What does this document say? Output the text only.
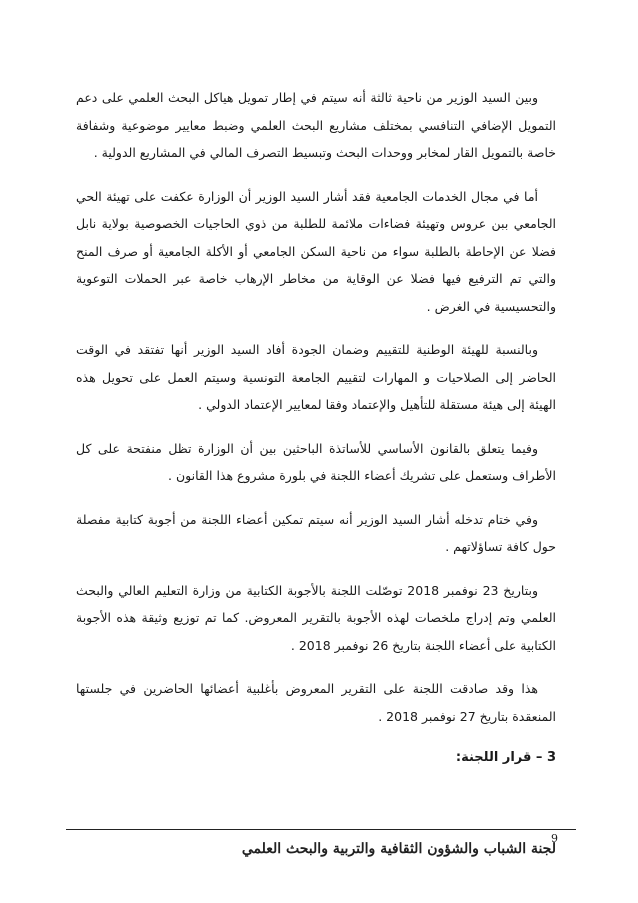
وبين السيد الوزير من ناحية ثالثة أنه سيتم في إطار تمويل هياكل البحث العلمي على دعم التمويل الإضافي التنافسي بمختلف مشاريع البحث العلمي وضبط معايير موضوعية وشفافة خاصة بالتمويل القار لمخابر ووحدات البحث وتبسيط التصرف المالي في المشاريع الدولية .

أما في مجال الخدمات الجامعية فقد أشار السيد الوزير أن الوزارة عكفت على تهيئة الحي الجامعي ببن عروس وتهيئة فضاءات ملائمة للطلبة من ذوي الحاجيات الخصوصية بولاية نابل فضلا عن الإحاطة بالطلبة سواء من ناحية السكن الجامعي أو الأكلة الجامعية أو صرف المنح والتي تم الترفيع فيها فضلا عن الوقاية من مخاطر الإرهاب خاصة عبر الحملات التوعوية والتحسيسية في الغرض .

وبالنسبة للهيئة الوطنية للتقييم وضمان الجودة أفاد السيد الوزير أنها تفتقد في الوقت الحاضر إلى الصلاحيات و المهارات لتقييم الجامعة التونسية وسيتم العمل على تحويل هذه الهيئة إلى هيئة مستقلة للتأهيل والإعتماد وفقا لمعايير الإعتماد الدولي .

وفيما يتعلق بالقانون الأساسي للأساتذة الباحثين بين أن الوزارة تظل منفتحة على كل الأطراف وستعمل على تشريك أعضاء اللجنة في بلورة مشروع هذا القانون .

وفي ختام تدخله أشار السيد الوزير أنه سيتم تمكين أعضاء اللجنة من أجوبة كتابية مفصلة حول كافة تساؤلاتهم .

وبتاريخ 23 نوفمبر 2018 توصّلت اللجنة بالأجوبة الكتابية من وزارة التعليم العالي والبحث العلمي وتم إدراج ملخصات لهذه الأجوبة بالتقرير المعروض. كما تم توزيع وثيقة هذه الأجوبة الكتابية على أعضاء اللجنة بتاريخ 26 نوفمبر 2018 .

هذا وقد صادقت اللجنة على التقرير المعروض بأغلبية أعضائها الحاضرين في جلستها المنعقدة بتاريخ 27 نوفمبر 2018 .

3 – قرار اللجنة:

9
لجنة الشباب والشؤون الثقافية والتربية والبحث العلمي
